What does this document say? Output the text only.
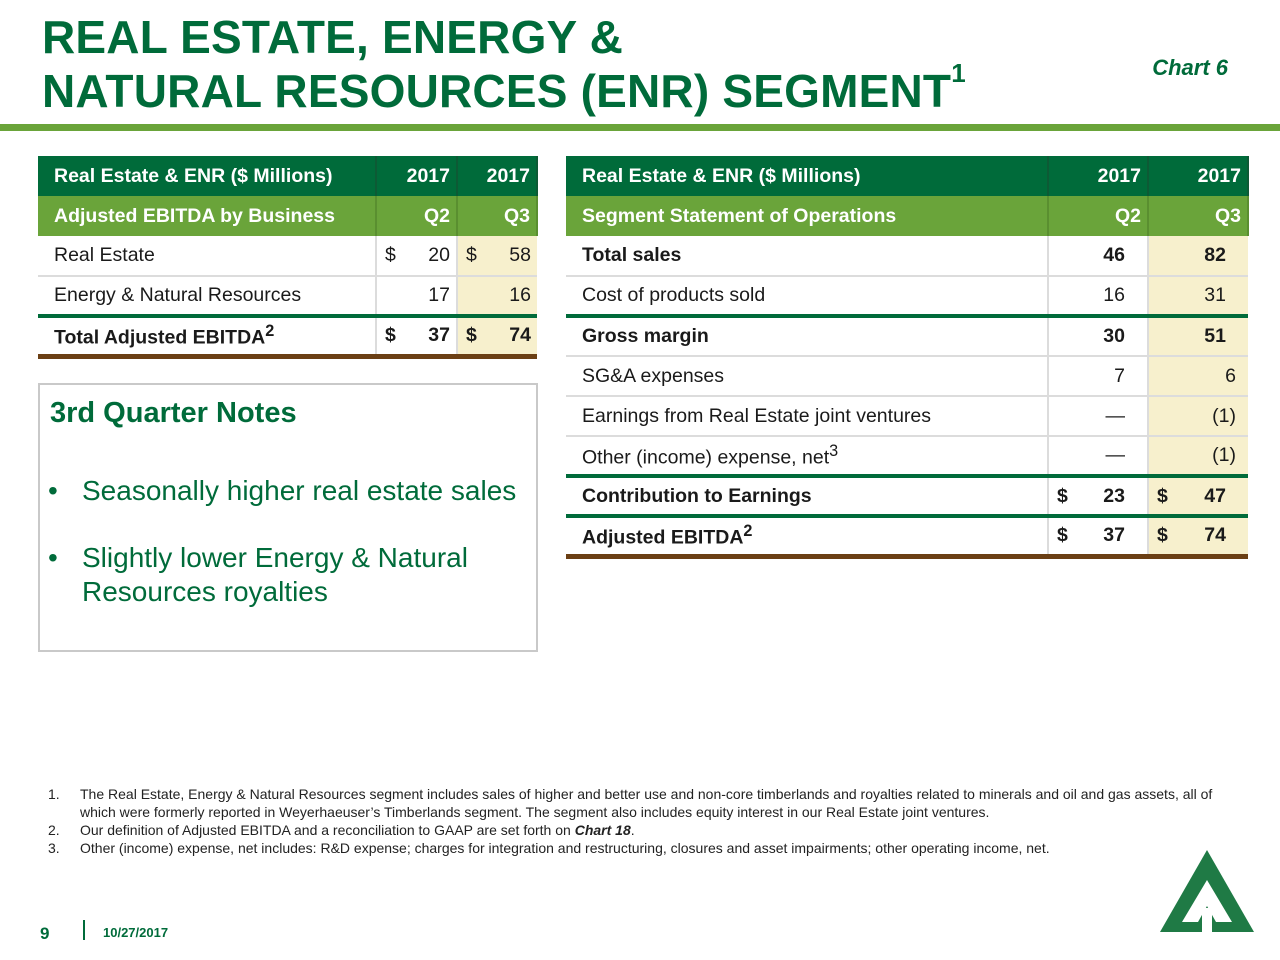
REAL ESTATE, ENERGY &
NATURAL RESOURCES (ENR) SEGMENT$^1$	Chart 6
Real Estate & ENR ($ Millions)	2017	2017
Adjusted EBITDA by Business	Q2	Q3
Real Estate	$ 20	$ 58
Energy & Natural Resources	17	16
Total Adjusted EBITDA$^2$	$ 37	$ 74
3rd Quarter Notes
• Seasonally higher real estate sales
• Slightly lower Energy & Natural Resources royalties
Real Estate & ENR ($ Millions)	2017	2017
Segment Statement of Operations	Q2	Q3
Total sales	46	82
Cost of products sold	16	31
Gross margin	30	51
SG&A expenses	7	6
Earnings from Real Estate joint ventures	—	(1)
Other (income) expense, net$^3$	—	(1)
Contribution to Earnings	$ 23	$ 47
Adjusted EBITDA$^2$	$ 37	$ 74
1. The Real Estate, Energy & Natural Resources segment includes sales of higher and better use and non-core timberlands and royalties related to minerals and oil and gas assets, all of which were formerly reported in Weyerhaeuser’s Timberlands segment. The segment also includes equity interest in our Real Estate joint ventures.
2. Our definition of Adjusted EBITDA and a reconciliation to GAAP are set forth on Chart 18.
3. Other (income) expense, net includes: R&D expense; charges for integration and restructuring, closures and asset impairments; other operating income, net.
9	10/27/2017
